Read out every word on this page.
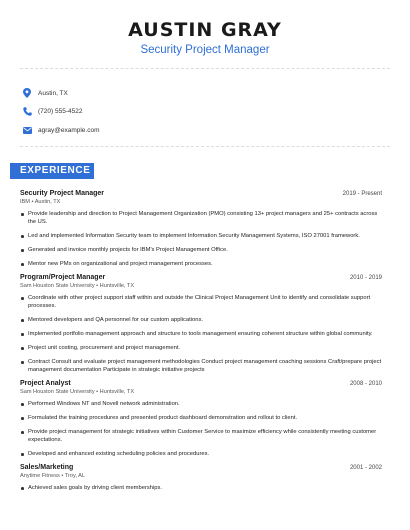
AUSTIN GRAY
Security Project Manager
Austin, TX
(720) 555-4522
agray@example.com
EXPERIENCE
Security Project Manager	2019 - Present
IBM • Austin, TX
Provide leadership and direction to Project Management Organization (PMO) consisting 13+ project managers and 25+ contracts across the US.
Led and implemented Information Security team to implement Information Security Management Systems, ISO 27001 framework.
Generated and invoice monthly projects for IBM's Project Management Office.
Mentor new PMs on organizational and project management processes.
Program/Project Manager	2010 - 2019
Sam Houston State University • Huntsville, TX
Coordinate with other project support staff within and outside the Clinical Project Management Unit to identify and consolidate support processes.
Mentored developers and QA personnel for our custom applications.
Implemented portfolio management approach and structure to tools management ensuring coherent structure within global community.
Project unit costing, procurement and project management.
Contract Consult and evaluate project management methodologies Conduct project management coaching sessions Craft/prepare project management documentation Participate in strategic initiative projects
Project Analyst	2008 - 2010
Sam Houston State University • Huntsville, TX
Performed Windows NT and Novell network administration.
Formulated the training procedures and presented product dashboard demonstration and rollout to client.
Provide project management for strategic initiatives within Customer Service to maximize efficiency while consistently meeting customer expectations.
Developed and enhanced existing scheduling policies and procedures.
Sales/Marketing	2001 - 2002
Anytime Fitness • Troy, AL
Achieved sales goals by driving client memberships.
